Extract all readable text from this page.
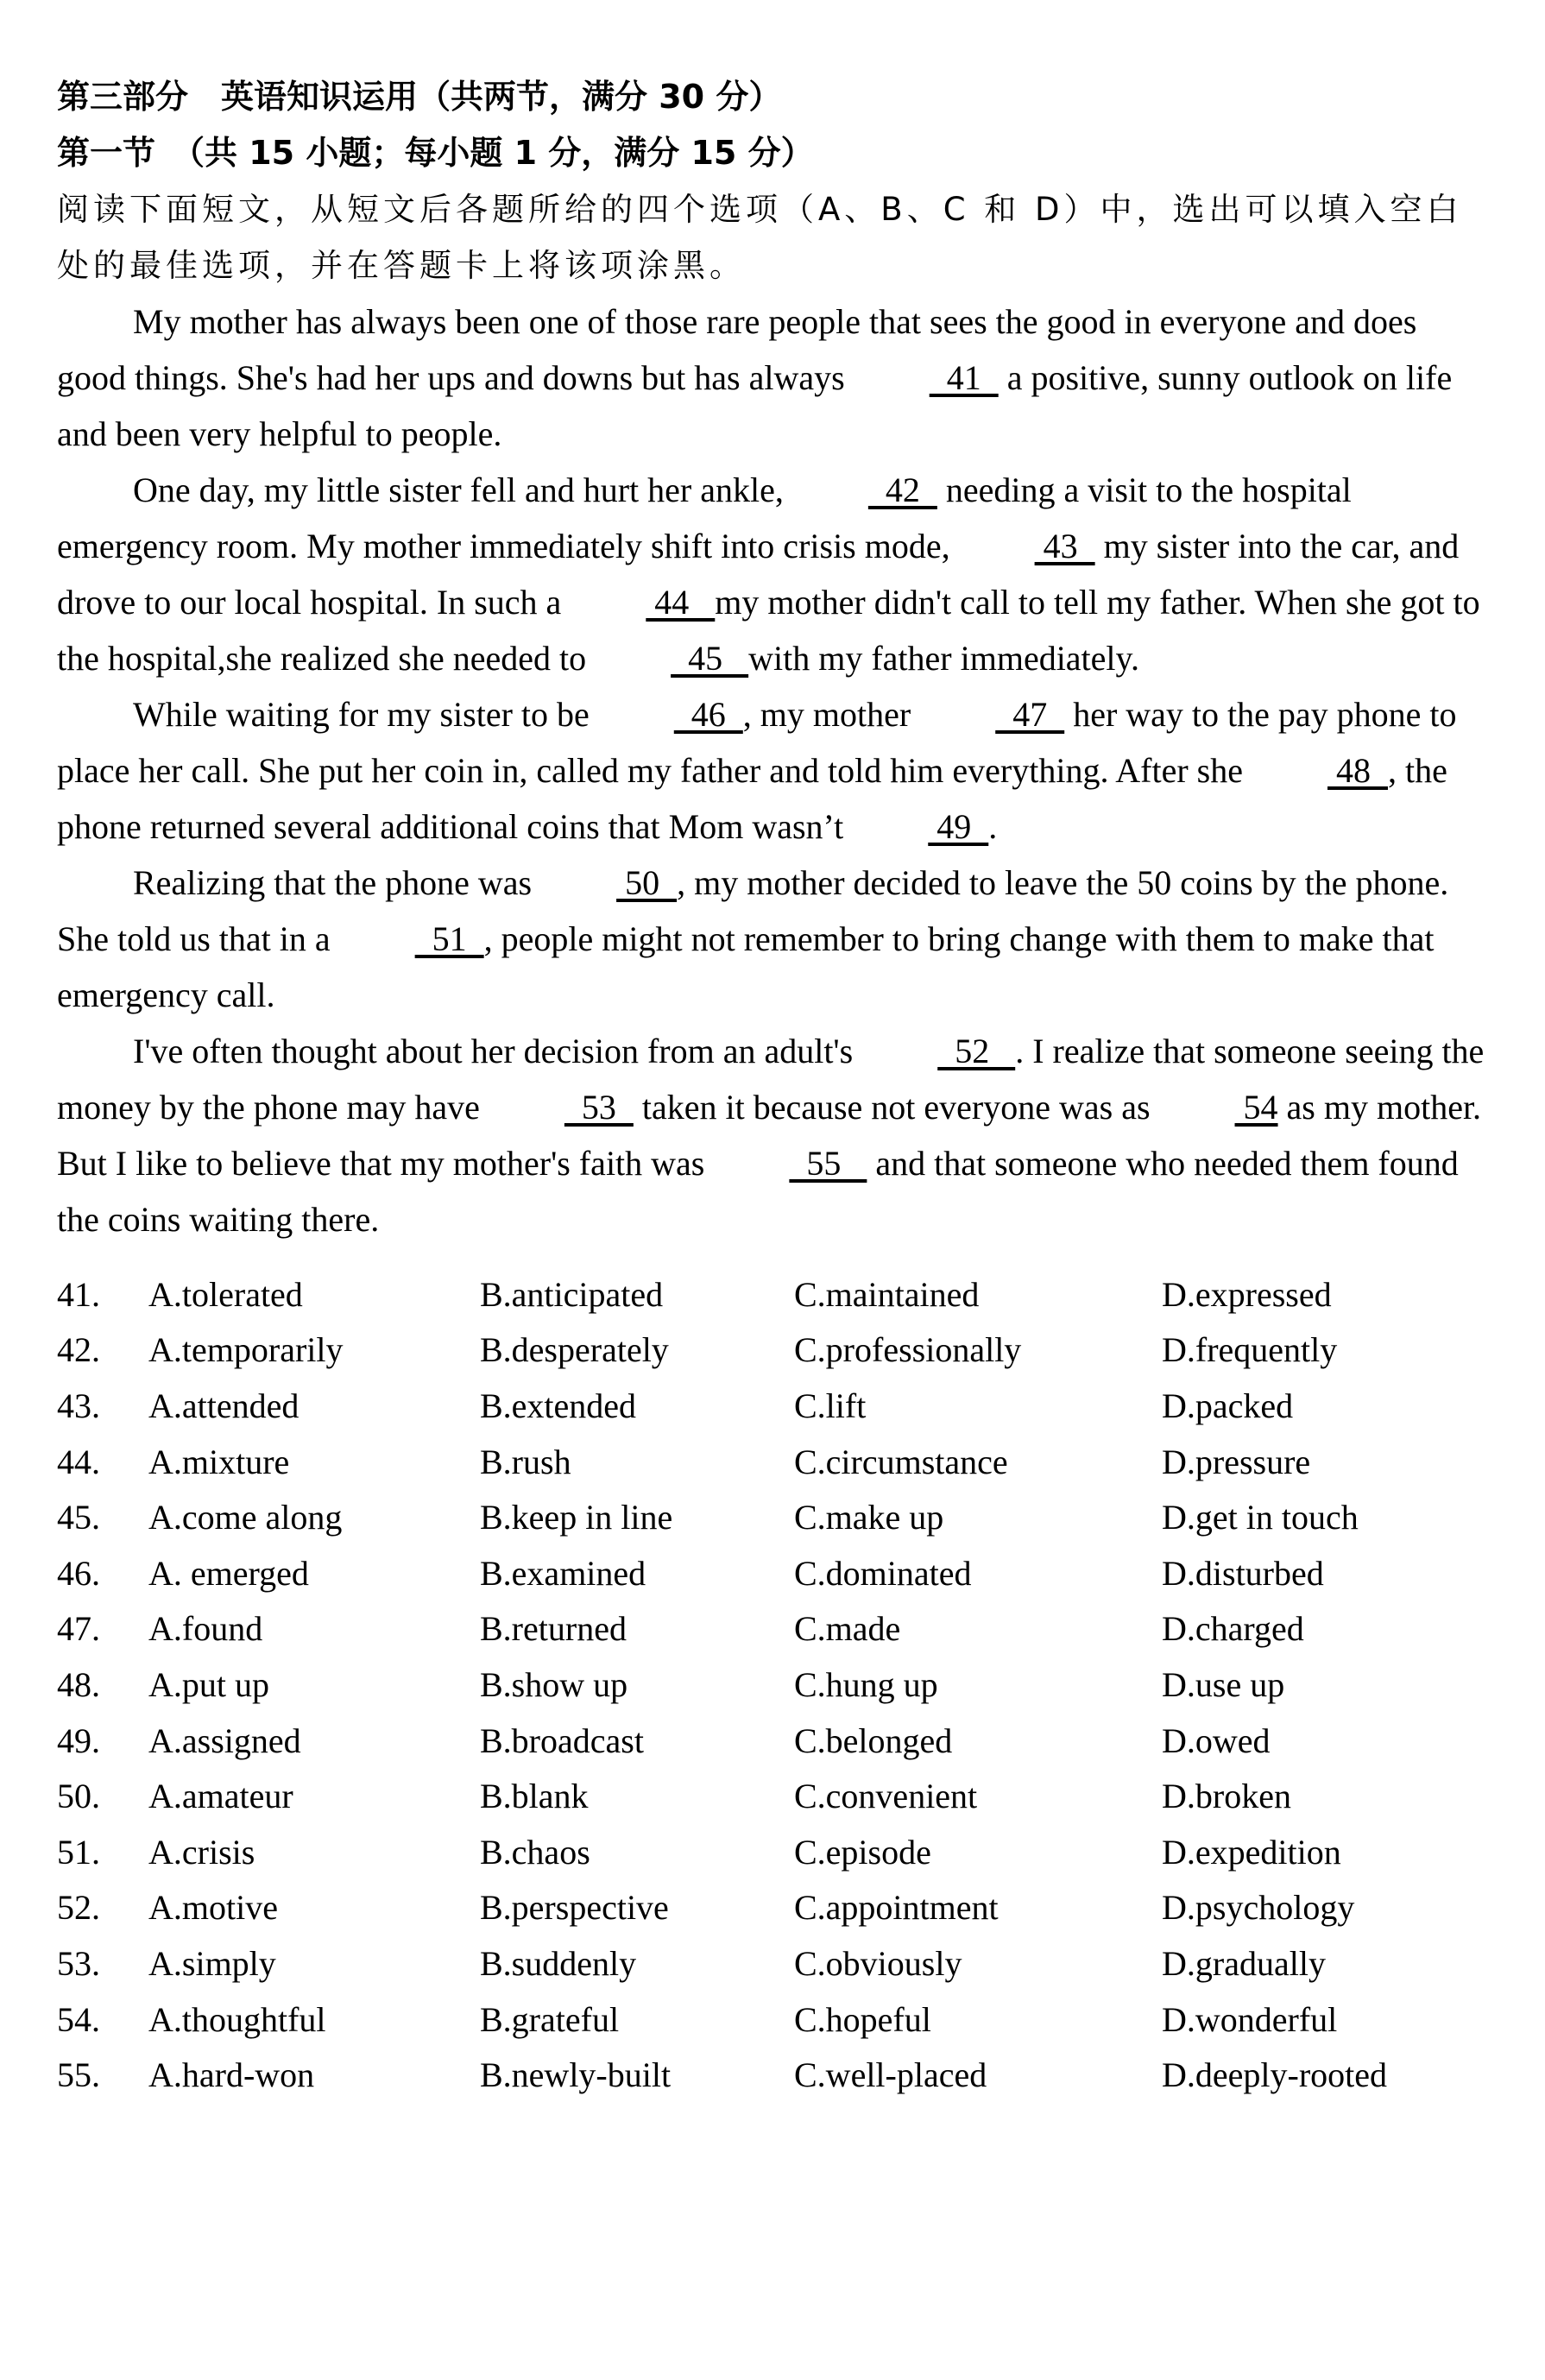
第三部分　英语知识运用（共两节，满分 30 分）
第一节　（共 15 小题；每小题 1 分，满分 15 分）
阅读下面短文，从短文后各题所给的四个选项（A、B、C 和 D）中，选出可以填入空白处的最佳选项，并在答题卡上将该项涂黑。

My mother has always been one of those rare people that sees the good in everyone and does good things. She's had her ups and downs but has always   41   a positive, sunny outlook on life and been very helpful to people.

One day, my little sister fell and hurt her ankle,   42   needing a visit to the hospital emergency room. My mother immediately shift into crisis mode,  43   my sister into the car, and drove to our local hospital. In such a  44   my mother didn't call to tell my father. When she got to the hospital,she realized she needed to   45   with my father immediately.

While waiting for my sister to be   46  , my mother   47   her way to the pay phone to place her call. She put her coin in, called my father and told him everything. After she  48  , the phone returned several additional coins that Mom wasn’t  49  .

Realizing that the phone was  50  , my mother decided to leave the 50 coins by the phone. She told us that in a   51  , people might not remember to bring change with them to make that emergency call.

I've often thought about her decision from an adult's   52   . I realize that someone seeing the money by the phone may have   53   taken it because not everyone was as  54 as my mother. But I like to believe that my mother's faith was   55    and that someone who needed them found the coins waiting there.

41.	A.tolerated	B.anticipated	C.maintained	D.expressed
42.	A.temporarily	B.desperately	C.professionally	D.frequently
43.	A.attended	B.extended	C.lift	D.packed
44.	A.mixture	B.rush	C.circumstance	D.pressure
45.	A.come along	B.keep in line	C.make up	D.get in touch
46.	A. emerged	B.examined	C.dominated	D.disturbed
47.	A.found	B.returned	C.made	D.charged
48.	A.put up	B.show up	C.hung up	D.use up
49.	A.assigned	B.broadcast	C.belonged	D.owed
50.	A.amateur	B.blank	C.convenient	D.broken
51.	A.crisis	B.chaos	C.episode	D.expedition
52.	A.motive	B.perspective	C.appointment	D.psychology
53.	A.simply	B.suddenly	C.obviously	D.gradually
54.	A.thoughtful	B.grateful	C.hopeful	D.wonderful
55.	A.hard-won	B.newly-built	C.well-placed	D.deeply-rooted
